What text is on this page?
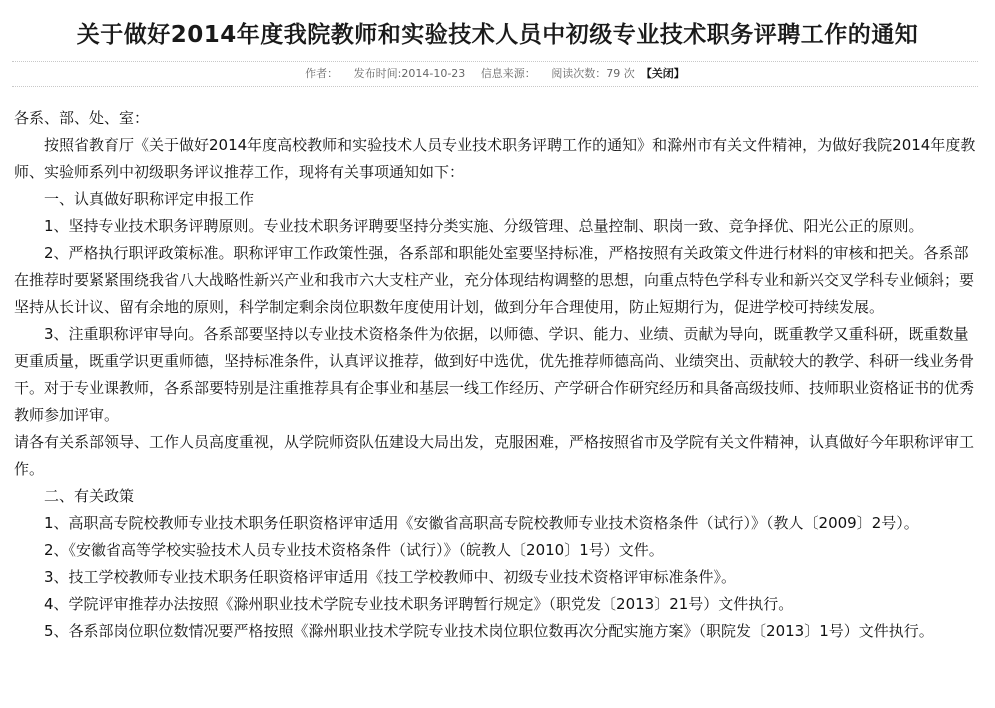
关于做好2014年度我院教师和实验技术人员中初级专业技术职务评聘工作的通知
作者： 发布时间:2014-10-23 信息来源： 阅读次数：79 次 【关闭】

各系、部、处、室：

按照省教育厅《关于做好2014年度高校教师和实验技术人员专业技术职务评聘工作的通知》和滁州市有关文件精神，为做好我院2014年度教师、实验师系列中初级职务评议推荐工作，现将有关事项通知如下：

一、认真做好职称评定申报工作

1、坚持专业技术职务评聘原则。专业技术职务评聘要坚持分类实施、分级管理、总量控制、职岗一致、竞争择优、阳光公正的原则。

2、严格执行职评政策标准。职称评审工作政策性强，各系部和职能处室要坚持标准，严格按照有关政策文件进行材料的审核和把关。各系部在推荐时要紧紧围绕我省八大战略性新兴产业和我市六大支柱产业，充分体现结构调整的思想，向重点特色学科专业和新兴交叉学科专业倾斜；要坚持从长计议、留有余地的原则，科学制定剩余岗位职数年度使用计划，做到分年合理使用，防止短期行为，促进学校可持续发展。

3、注重职称评审导向。各系部要坚持以专业技术资格条件为依据，以师德、学识、能力、业绩、贡献为导向，既重教学又重科研，既重数量更重质量，既重学识更重师德，坚持标准条件，认真评议推荐，做到好中选优，优先推荐师德高尚、业绩突出、贡献较大的教学、科研一线业务骨干。对于专业课教师，各系部要特别是注重推荐具有企事业和基层一线工作经历、产学研合作研究经历和具备高级技师、技师职业资格证书的优秀教师参加评审。

请各有关系部领导、工作人员高度重视，从学院师资队伍建设大局出发，克服困难，严格按照省市及学院有关文件精神，认真做好今年职称评审工作。

二、有关政策

1、高职高专院校教师专业技术职务任职资格评审适用《安徽省高职高专院校教师专业技术资格条件（试行）》（教人〔2009〕2号）。

2、《安徽省高等学校实验技术人员专业技术资格条件（试行）》（皖教人〔2010〕1号）文件。

3、技工学校教师专业技术职务任职资格评审适用《技工学校教师中、初级专业技术资格评审标准条件》。

4、学院评审推荐办法按照《滁州职业技术学院专业技术职务评聘暂行规定》（职党发〔2013〕21号）文件执行。

5、各系部岗位职位数情况要严格按照《滁州职业技术学院专业技术岗位职位数再次分配实施方案》（职院发〔2013〕1号）文件执行。
